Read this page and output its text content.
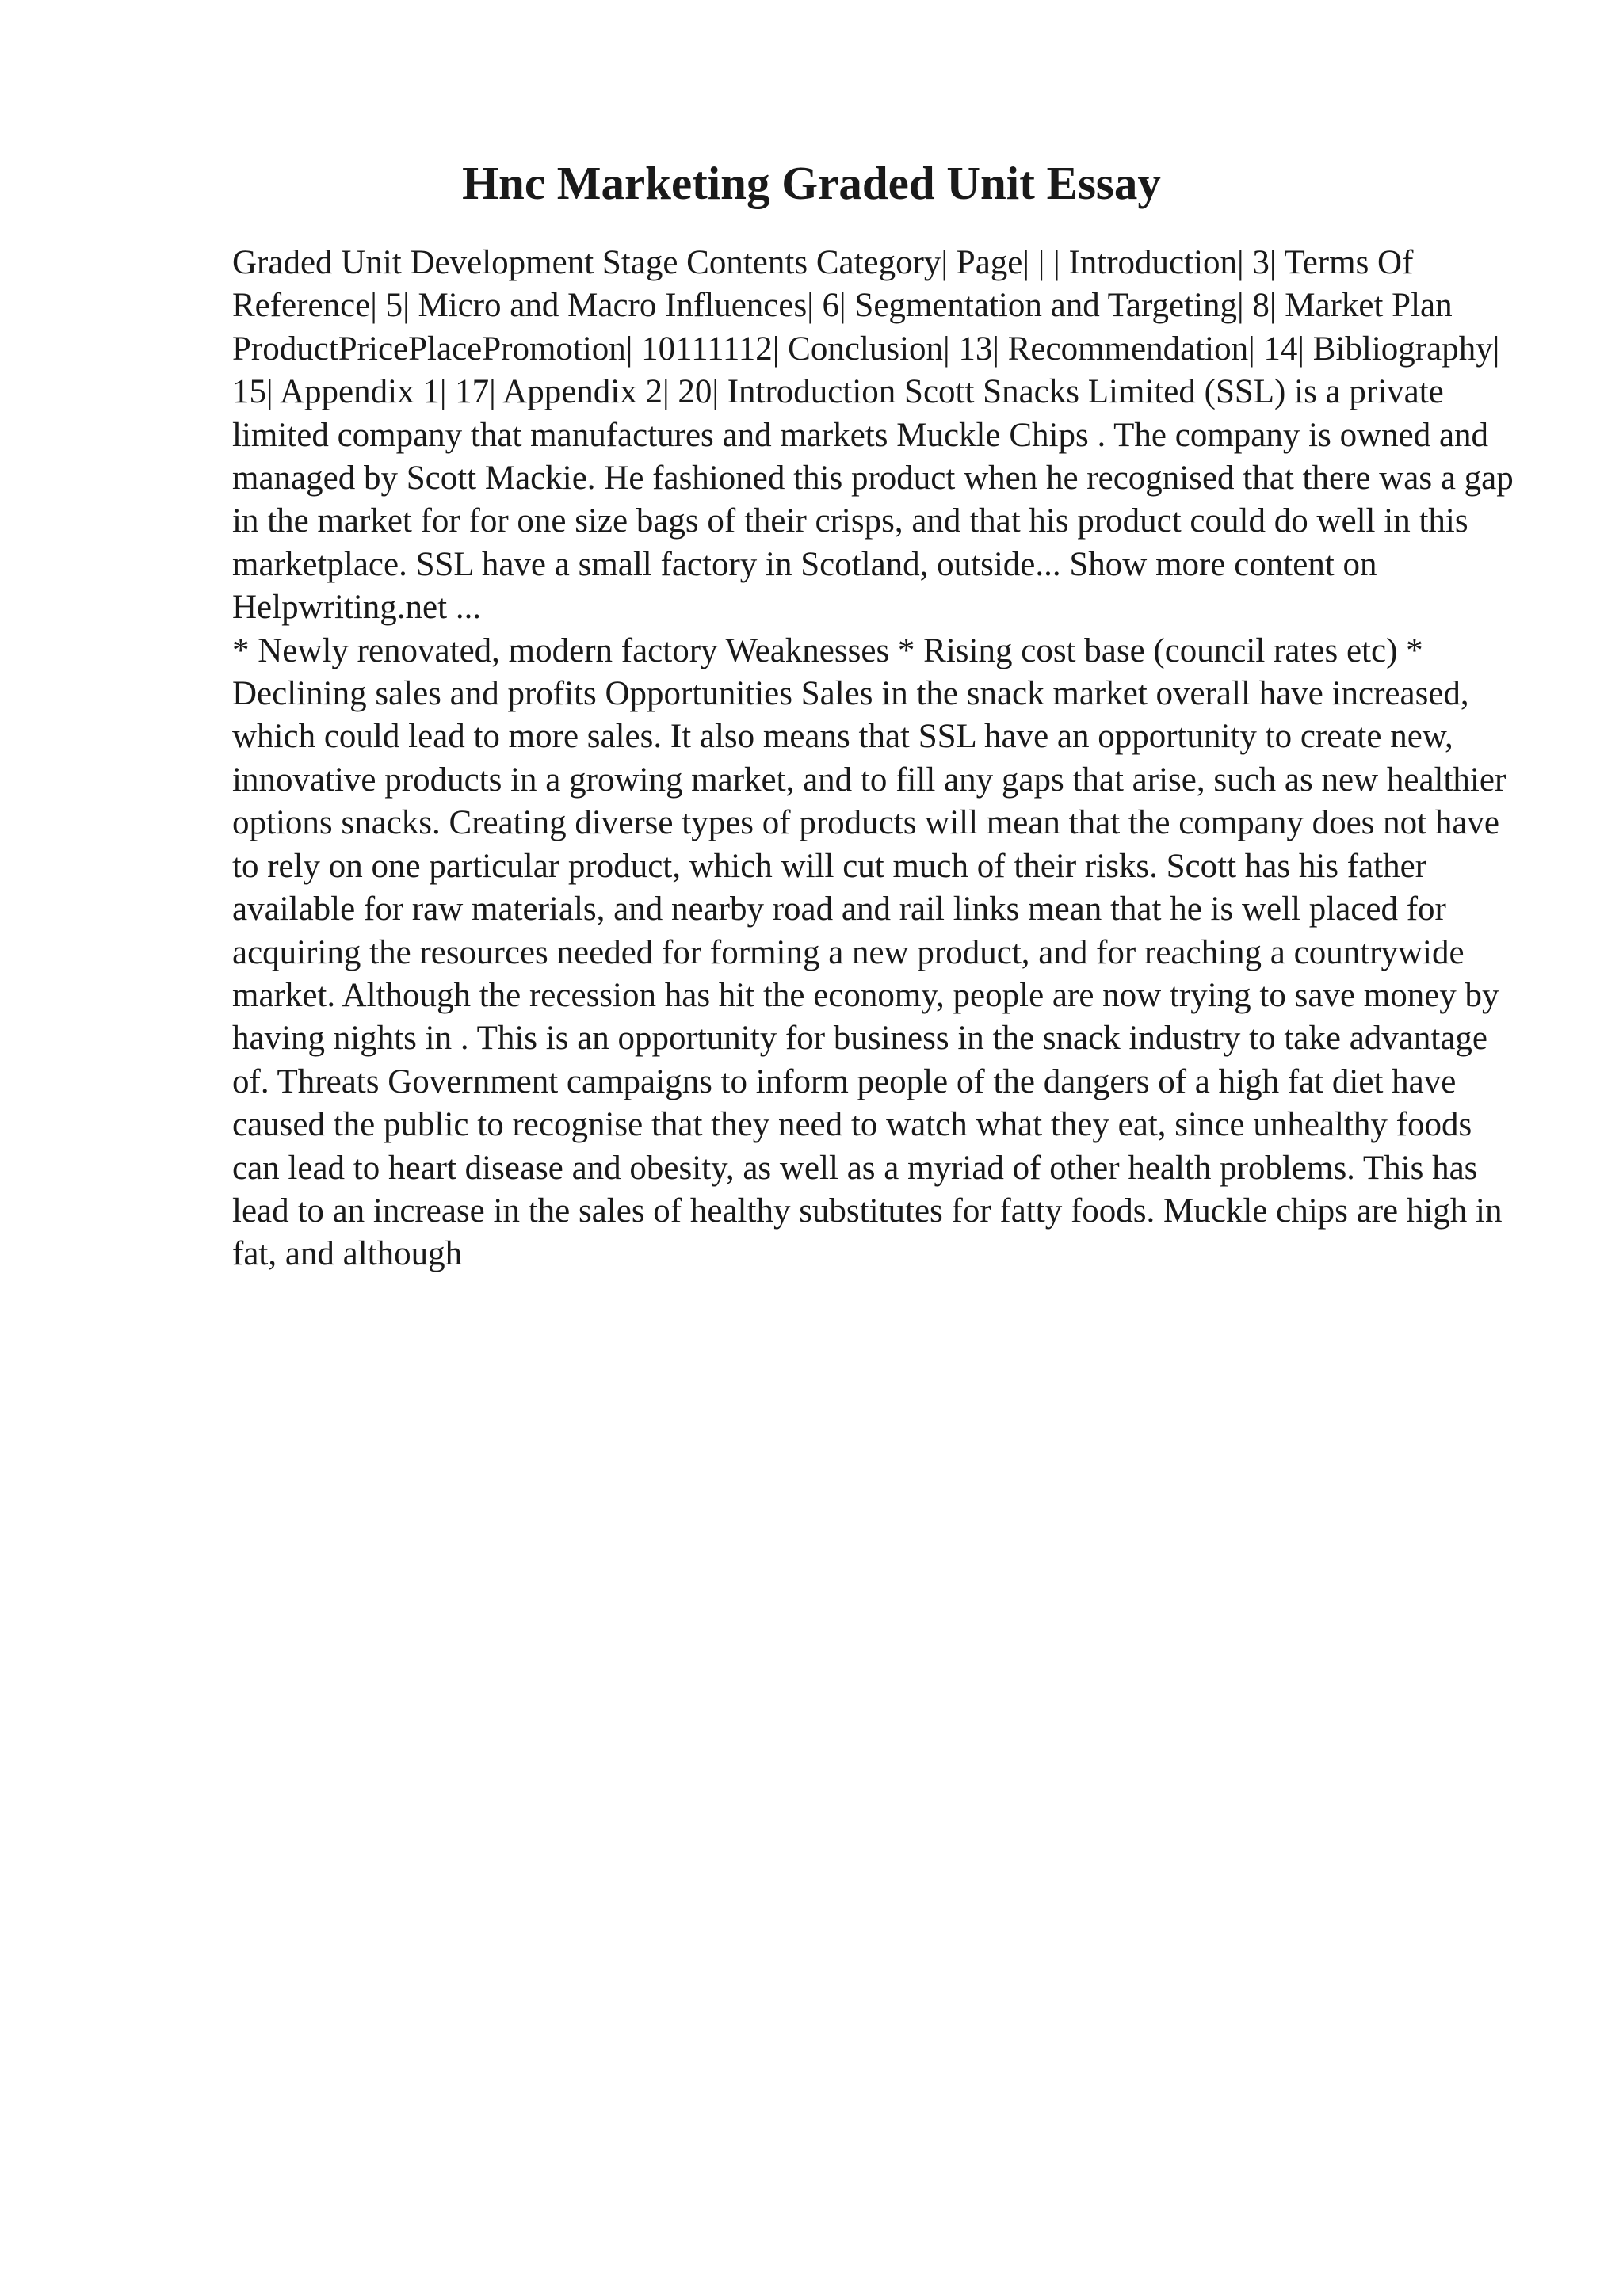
Hnc Marketing Graded Unit Essay

Graded Unit Development Stage Contents Category| Page| | | Introduction| 3| Terms Of Reference| 5| Micro and Macro Influences| 6| Segmentation and Targeting| 8| Market Plan ProductPricePlacePromotion| 10111112| Conclusion| 13| Recommendation| 14| Bibliography| 15| Appendix 1| 17| Appendix 2| 20| Introduction Scott Snacks Limited (SSL) is a private limited company that manufactures and markets Muckle Chips . The company is owned and managed by Scott Mackie. He fashioned this product when he recognised that there was a gap in the market for for one size bags of their crisps, and that his product could do well in this marketplace. SSL have a small factory in Scotland, outside... Show more content on Helpwriting.net ...

* Newly renovated, modern factory Weaknesses * Rising cost base (council rates etc) * Declining sales and profits Opportunities Sales in the snack market overall have increased, which could lead to more sales. It also means that SSL have an opportunity to create new, innovative products in a growing market, and to fill any gaps that arise, such as new healthier options snacks. Creating diverse types of products will mean that the company does not have to rely on one particular product, which will cut much of their risks. Scott has his father available for raw materials, and nearby road and rail links mean that he is well placed for acquiring the resources needed for forming a new product, and for reaching a countrywide market. Although the recession has hit the economy, people are now trying to save money by having nights in . This is an opportunity for business in the snack industry to take advantage of. Threats Government campaigns to inform people of the dangers of a high fat diet have caused the public to recognise that they need to watch what they eat, since unhealthy foods can lead to heart disease and obesity, as well as a myriad of other health problems. This has lead to an increase in the sales of healthy substitutes for fatty foods. Muckle chips are high in fat, and although
